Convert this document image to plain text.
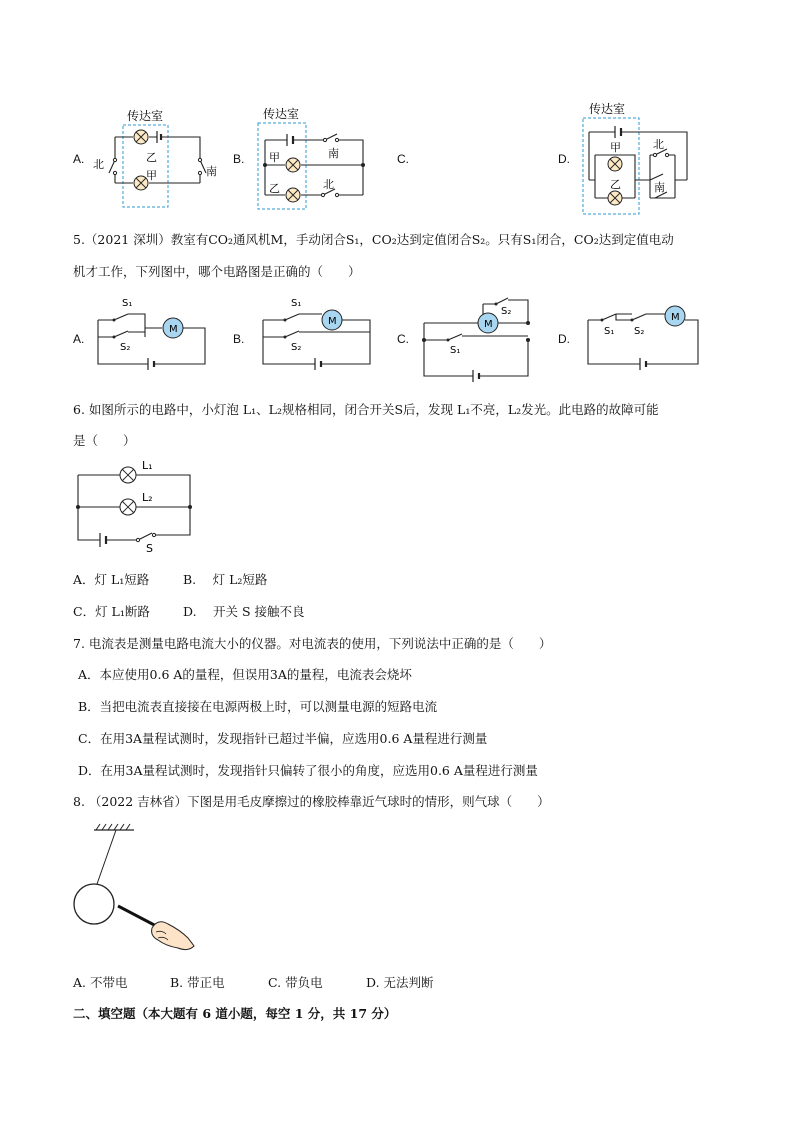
A.	B.	C.	D.
传达室
乙
甲
北
南
传达室
甲
乙
南
北
传达室
甲
乙
北
南
5.（2021 深圳）教室有CO₂通风机M，手动闭合S₁，CO₂达到定值闭合S₂。只有S₁闭合，CO₂达到定值电动
机才工作，下列图中，哪个电路图是正确的（　　）
A.	B.	C.	D.
M
S₁
S₂
M
S₁
S₂
M
S₁
S₂
M
S₁ S₂
6. 如图所示的电路中，小灯泡 L₁、L₂规格相同，闭合开关S后，发现 L₁不亮，L₂发光。此电路的故障可能
是（　　）
L₁
L₂
S
A．灯 L₁短路	B.　 灯 L₂短路
C．灯 L₁断路	D.　 开关 S 接触不良
7. 电流表是测量电路电流大小的仪器。对电流表的使用，下列说法中正确的是（　　）
A．本应使用0.6 A的量程，但误用3A的量程，电流表会烧坏
B．当把电流表直接接在电源两极上时，可以测量电源的短路电流
C．在用3A量程试测时，发现指针已超过半偏，应选用0.6 A量程进行测量
D．在用3A量程试测时，发现指针只偏转了很小的角度，应选用0.6 A量程进行测量
8. （2022 吉林省）下图是用毛皮摩擦过的橡胶棒靠近气球时的情形，则气球（　　）
A. 不带电	B. 带正电	C. 带负电	D. 无法判断
二、填空题（本大题有 6 道小题，每空 1 分，共 17 分）
